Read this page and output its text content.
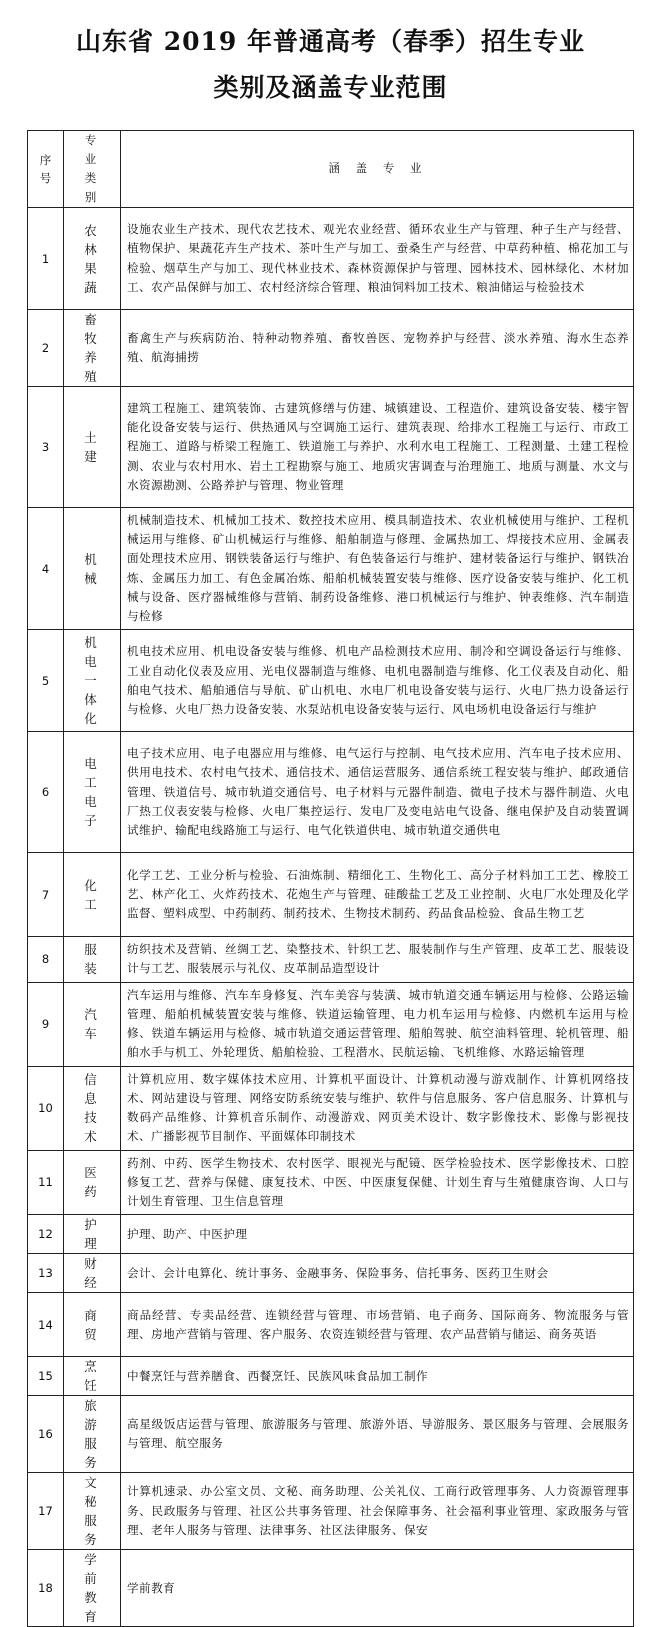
山东省 2019 年普通高考（春季）招生专业
类别及涵盖专业范围
序号	专业类别	涵 盖 专 业
1	农林果蔬	设施农业生产技术、现代农艺技术、观光农业经营、循环农业生产与管理、种子生产与经营、植物保护、果蔬花卉生产技术、茶叶生产与加工、蚕桑生产与经营、中草药种植、棉花加工与检验、烟草生产与加工、现代林业技术、森林资源保护与管理、园林技术、园林绿化、木材加工、农产品保鲜与加工、农村经济综合管理、粮油饲料加工技术、粮油储运与检验技术
2	畜牧养殖	畜禽生产与疾病防治、特种动物养殖、畜牧兽医、宠物养护与经营、淡水养殖、海水生态养殖、航海捕捞
3	土建	建筑工程施工、建筑装饰、古建筑修缮与仿建、城镇建设、工程造价、建筑设备安装、楼宇智能化设备安装与运行、供热通风与空调施工运行、建筑表现、给排水工程施工与运行、市政工程施工、道路与桥梁工程施工、铁道施工与养护、水利水电工程施工、工程测量、土建工程检测、农业与农村用水、岩土工程勘察与施工、地质灾害调查与治理施工、地质与测量、水文与水资源勘测、公路养护与管理、物业管理
4	机械	机械制造技术、机械加工技术、数控技术应用、模具制造技术、农业机械使用与维护、工程机械运用与维修、矿山机械运行与维修、船舶制造与修理、金属热加工、焊接技术应用、金属表面处理技术应用、钢铁装备运行与维护、有色装备运行与维护、建材装备运行与维护、钢铁冶炼、金属压力加工、有色金属冶炼、船舶机械装置安装与维修、医疗设备安装与维护、化工机械与设备、医疗器械维修与营销、制药设备维修、港口机械运行与维护、钟表维修、汽车制造与检修
5	机电一体化	机电技术应用、机电设备安装与维修、机电产品检测技术应用、制冷和空调设备运行与维修、工业自动化仪表及应用、光电仪器制造与维修、电机电器制造与维修、化工仪表及自动化、船舶电气技术、船舶通信与导航、矿山机电、水电厂机电设备安装与运行、火电厂热力设备运行与检修、火电厂热力设备安装、水泵站机电设备安装与运行、风电场机电设备运行与维护
6	电工电子	电子技术应用、电子电器应用与维修、电气运行与控制、电气技术应用、汽车电子技术应用、供用电技术、农村电气技术、通信技术、通信运营服务、通信系统工程安装与维护、邮政通信管理、铁道信号、城市轨道交通信号、电子材料与元器件制造、微电子技术与器件制造、火电厂热工仪表安装与检修、火电厂集控运行、发电厂及变电站电气设备、继电保护及自动装置调试维护、输配电线路施工与运行、电气化铁道供电、城市轨道交通供电
7	化工	化学工艺、工业分析与检验、石油炼制、精细化工、生物化工、高分子材料加工工艺、橡胶工艺、林产化工、火炸药技术、花炮生产与管理、硅酸盐工艺及工业控制、火电厂水处理及化学监督、塑料成型、中药制药、制药技术、生物技术制药、药品食品检验、食品生物工艺
8	服装	纺织技术及营销、丝绸工艺、染整技术、针织工艺、服装制作与生产管理、皮革工艺、服装设计与工艺、服装展示与礼仪、皮革制品造型设计
9	汽车	汽车运用与维修、汽车车身修复、汽车美容与装潢、城市轨道交通车辆运用与检修、公路运输管理、船舶机械装置安装与维修、铁道运输管理、电力机车运用与检修、内燃机车运用与检修、铁道车辆运用与检修、城市轨道交通运营管理、船舶驾驶、航空油料管理、轮机管理、船舶水手与机工、外轮理货、船舶检验、工程潜水、民航运输、飞机维修、水路运输管理
10	信息技术	计算机应用、数字媒体技术应用、计算机平面设计、计算机动漫与游戏制作、计算机网络技术、网站建设与管理、网络安防系统安装与维护、软件与信息服务、客户信息服务、计算机与数码产品维修、计算机音乐制作、动漫游戏、网页美术设计、数字影像技术、影像与影视技术、广播影视节目制作、平面媒体印制技术
11	医药	药剂、中药、医学生物技术、农村医学、眼视光与配镜、医学检验技术、医学影像技术、口腔修复工艺、营养与保健、康复技术、中医、中医康复保健、计划生育与生殖健康咨询、人口与计划生育管理、卫生信息管理
12	护理	护理、助产、中医护理
13	财经	会计、会计电算化、统计事务、金融事务、保险事务、信托事务、医药卫生财会
14	商贸	商品经营、专卖品经营、连锁经营与管理、市场营销、电子商务、国际商务、物流服务与管理、房地产营销与管理、客户服务、农资连锁经营与管理、农产品营销与储运、商务英语
15	烹饪	中餐烹饪与营养膳食、西餐烹饪、民族风味食品加工制作
16	旅游服务	高星级饭店运营与管理、旅游服务与管理、旅游外语、导游服务、景区服务与管理、会展服务与管理、航空服务
17	文秘服务	计算机速录、办公室文员、文秘、商务助理、公关礼仪、工商行政管理事务、人力资源管理事务、民政服务与管理、社区公共事务管理、社会保障事务、社会福利事业管理、家政服务与管理、老年人服务与管理、法律事务、社区法律服务、保安
18	学前教育	学前教育
